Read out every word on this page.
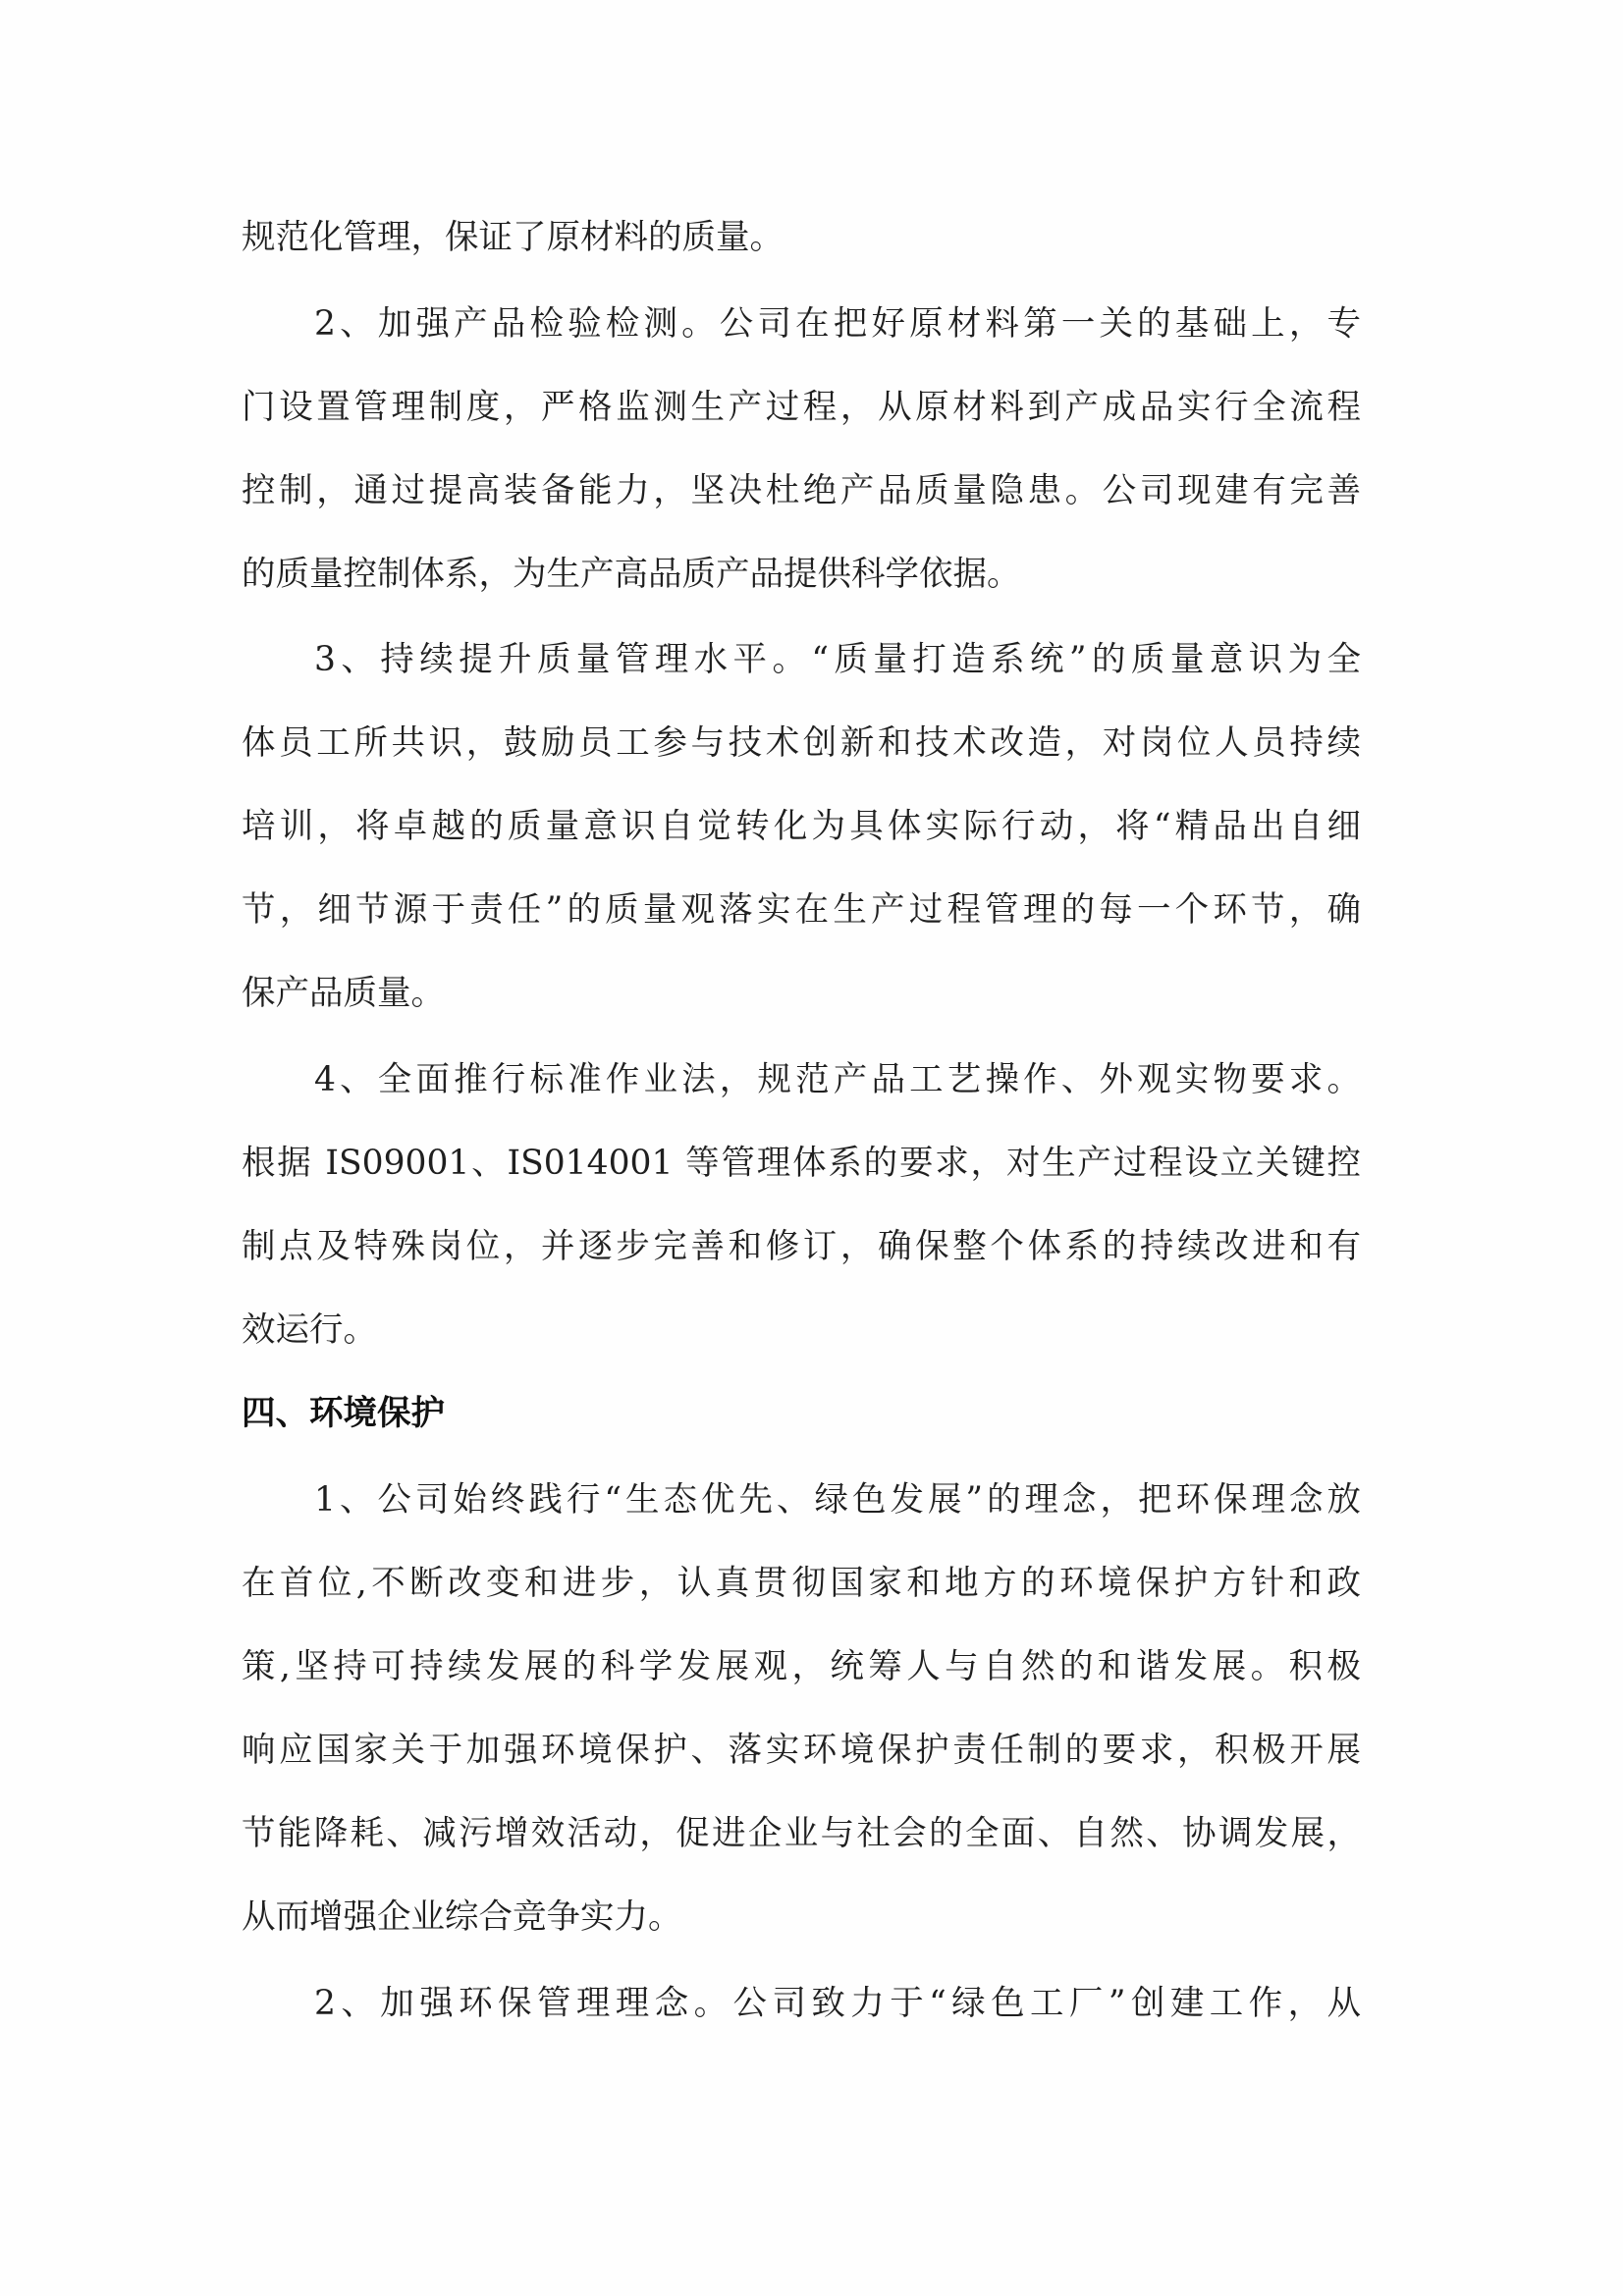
规范化管理，保证了原材料的质量。

2、加强产品检验检测。公司在把好原材料第一关的基础上，专

门设置管理制度，严格监测生产过程，从原材料到产成品实行全流程

控制，通过提高装备能力，坚决杜绝产品质量隐患。公司现建有完善

的质量控制体系，为生产高品质产品提供科学依据。

3、持续提升质量管理水平。“质量打造系统”的质量意识为全

体员工所共识，鼓励员工参与技术创新和技术改造，对岗位人员持续

培训，将卓越的质量意识自觉转化为具体实际行动，将“精品出自细

节，细节源于责任”的质量观落实在生产过程管理的每一个环节，确

保产品质量。

4、全面推行标准作业法，规范产品工艺操作、外观实物要求。

根据 IS09001、IS014001 等管理体系的要求，对生产过程设立关键控

制点及特殊岗位，并逐步完善和修订，确保整个体系的持续改进和有

效运行。

四、环境保护

1、公司始终践行“生态优先、绿色发展”的理念，把环保理念放

在首位,不断改变和进步，认真贯彻国家和地方的环境保护方针和政

策,坚持可持续发展的科学发展观，统筹人与自然的和谐发展。积极

响应国家关于加强环境保护、落实环境保护责任制的要求，积极开展

节能降耗、减污增效活动，促进企业与社会的全面、自然、协调发展，

从而增强企业综合竞争实力。

2、加强环保管理理念。公司致力于“绿色工厂”创建工作，从
